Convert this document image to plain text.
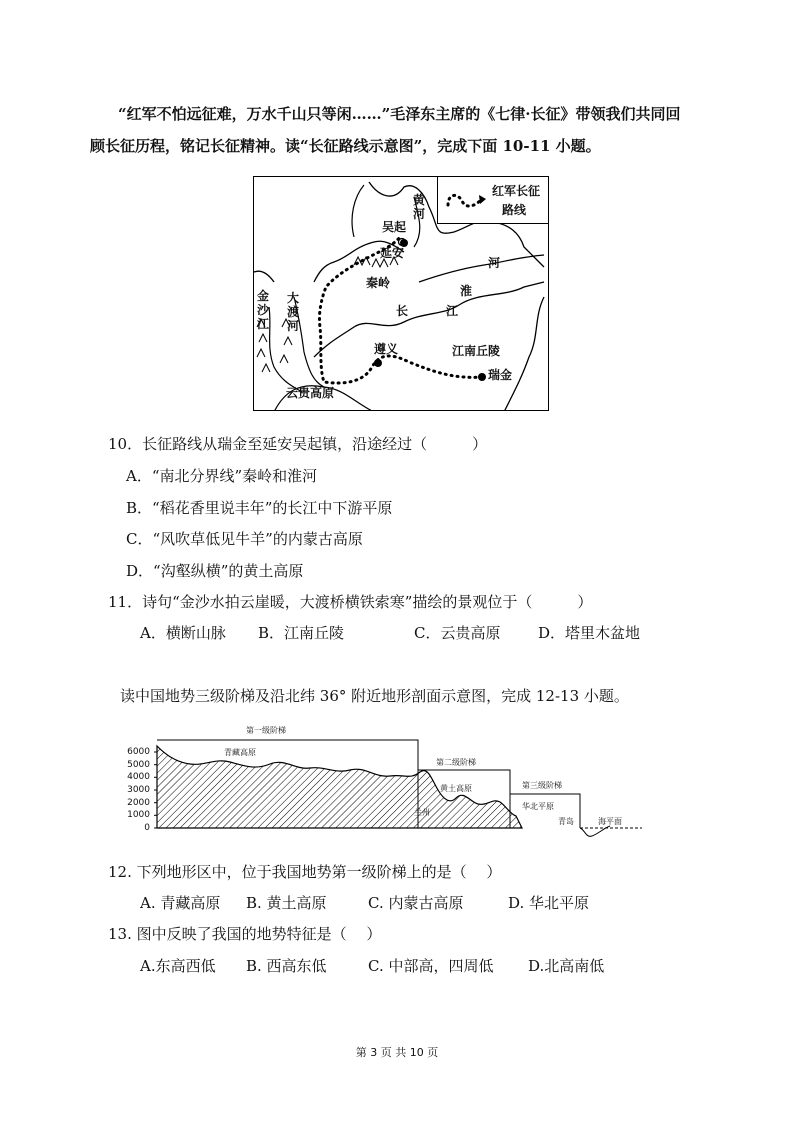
“红军不怕远征难，万水千山只等闲……”毛泽东主席的《七律·长征》带领我们共同回
顾长征历程，铭记长征精神。读“长征路线示意图”，完成下面 10-11 小题。
红军长征
路线
吴起
延安
秦岭
黄河
淮
河
长	江
金沙江
大渡河
遵义	江南丘陵
瑞金
云贵高原
10．长征路线从瑞金至延安吴起镇，沿途经过（　　　）
A．“南北分界线”秦岭和淮河
B．“稻花香里说丰年”的长江中下游平原
C．“风吹草低见牛羊”的内蒙古高原
D．“沟壑纵横”的黄土高原
11．诗句“金沙水拍云崖暖，大渡桥横铁索寒”描绘的景观位于（　　　）
A．横断山脉 B．江南丘陵	C．云贵高原	D．塔里木盆地
读中国地势三级阶梯及沿北纬 36° 附近地形剖面示意图，完成 12-13 小题。
6000
5000
4000
3000
2000
1000
0
第一级阶梯
青藏高原
第二级阶梯
黄土高原	第三级阶梯
华北平原
兰州
青岛	海平面
12. 下列地形区中，位于我国地势第一级阶梯上的是（　 ）
A. 青藏高原 B. 黄土高原	C. 内蒙古高原	D. 华北平原
13. 图中反映了我国的地势特征是（　 ）
A.东高西低 B. 西高东低	C. 中部高，四周低 D.北高南低
第 3 页 共 10 页
